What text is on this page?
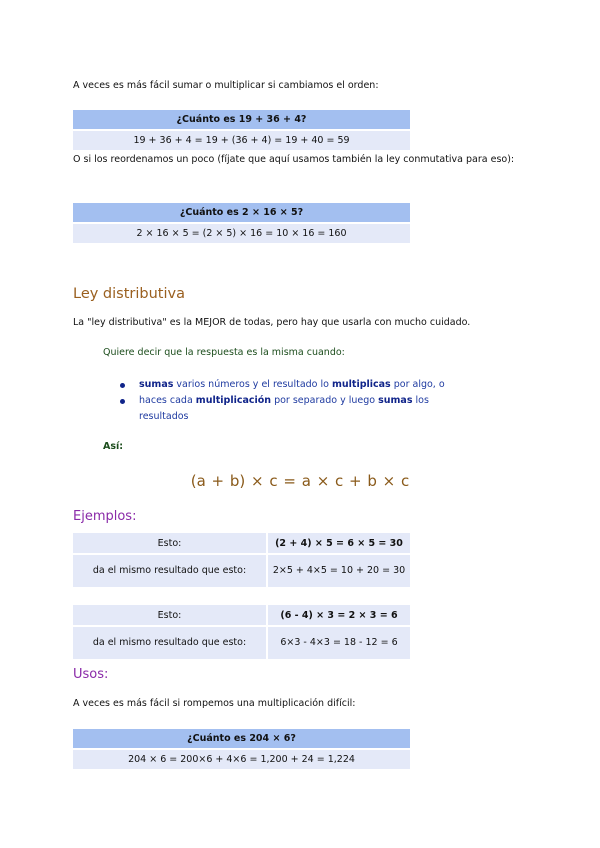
A veces es más fácil sumar o multiplicar si cambiamos el orden:
¿Cuánto es 19 + 36 + 4?
19 + 36 + 4 = 19 + (36 + 4) = 19 + 40 = 59
O si los reordenamos un poco (fíjate que aquí usamos también la ley conmutativa para eso):
¿Cuánto es 2 × 16 × 5?
2 × 16 × 5 = (2 × 5) × 16 = 10 × 16 = 160
Ley distributiva
La "ley distributiva" es la MEJOR de todas, pero hay que usarla con mucho cuidado.
Quiere decir que la respuesta es la misma cuando:
sumas varios números y el resultado lo multiplicas por algo, o
haces cada multiplicación por separado y luego sumas los resultados
Así:
(a + b) × c = a × c + b × c
Ejemplos:
Esto:	(2 + 4) × 5 = 6 × 5 = 30
da el mismo resultado que esto:	2×5 + 4×5 = 10 + 20 = 30
Esto:	(6 - 4) × 3 = 2 × 3 = 6
da el mismo resultado que esto:	6×3 - 4×3 = 18 - 12 = 6
Usos:
A veces es más fácil si rompemos una multiplicación difícil:
¿Cuánto es 204 × 6?
204 × 6 = 200×6 + 4×6 = 1,200 + 24 = 1,224
